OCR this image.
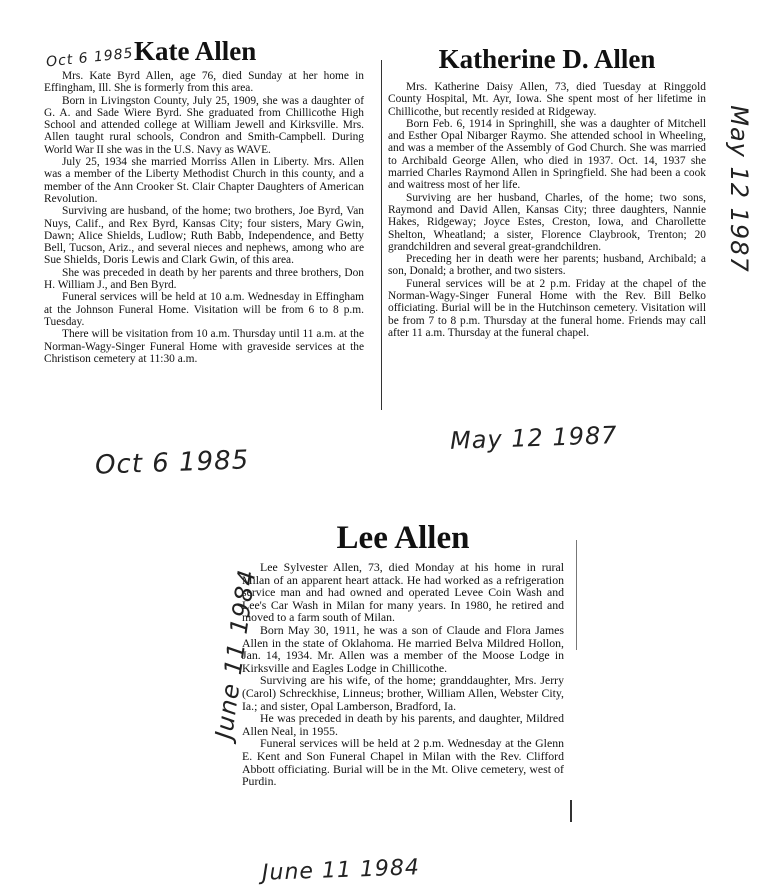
Oct 6 1985 Kate Allen

Mrs. Kate Byrd Allen, age 76, died Sunday at her home in Effingham, Ill. She is formerly from this area.

Born in Livingston County, July 25, 1909, she was a daughter of G. A. and Sade Wiere Byrd. She graduated from Chillicothe High School and attended college at William Jewell and Kirksville. Mrs. Allen taught rural schools, Condron and Smith-Campbell. During World War II she was in the U.S. Navy as WAVE.

July 25, 1934 she married Morriss Allen in Liberty. Mrs. Allen was a member of the Liberty Methodist Church in this county, and a member of the Ann Crooker St. Clair Chapter Daughters of American Revolution.

Surviving are husband, of the home; two brothers, Joe Byrd, Van Nuys, Calif., and Rex Byrd, Kansas City; four sisters, Mary Gwin, Dawn; Alice Shields, Ludlow; Ruth Babb, Independence, and Betty Bell, Tucson, Ariz., and several nieces and nephews, among who are Sue Shields, Doris Lewis and Clark Gwin, of this area.

She was preceded in death by her parents and three brothers, Don H. William J., and Ben Byrd.

Funeral services will be held at 10 a.m. Wednesday in Effingham at the Johnson Funeral Home. Visitation will be from 6 to 8 p.m. Tuesday.

There will be visitation from 10 a.m. Thursday until 11 a.m. at the Norman-Wagy-Singer Funeral Home with graveside services at the Christison cemetery at 11:30 a.m.

Katherine D. Allen

Mrs. Katherine Daisy Allen, 73, died Tuesday at Ringgold County Hospital, Mt. Ayr, Iowa. She spent most of her lifetime in Chillicothe, but recently resided at Ridgeway.

Born Feb. 6, 1914 in Springhill, she was a daughter of Mitchell and Esther Opal Nibarger Raymo. She attended school in Wheeling, and was a member of the Assembly of God Church. She was married to Archibald George Allen, who died in 1937. Oct. 14, 1937 she married Charles Raymond Allen in Springfield. She had been a cook and waitress most of her life.

Surviving are her husband, Charles, of the home; two sons, Raymond and David Allen, Kansas City; three daughters, Nannie Hakes, Ridgeway; Joyce Estes, Creston, Iowa, and Charollette Shelton, Wheatland; a sister, Florence Claybrook, Trenton; 20 grandchildren and several great-grandchildren.

Preceding her in death were her parents; husband, Archibald; a son, Donald; a brother, and two sisters.

Funeral services will be at 2 p.m. Friday at the chapel of the Norman-Wagy-Singer Funeral Home with the Rev. Bill Belko officiating. Burial will be in the Hutchinson cemetery. Visitation will be from 7 to 8 p.m. Thursday at the funeral home. Friends may call after 11 a.m. Thursday at the funeral chapel.

May 12 1987
Oct 6 1985
May 12 1987
Lee Allen

Lee Sylvester Allen, 73, died Monday at his home in rural Milan of an apparent heart attack. He had worked as a refrigeration service man and had owned and operated Levee Coin Wash and Lee's Car Wash in Milan for many years. In 1980, he retired and moved to a farm south of Milan.

Born May 30, 1911, he was a son of Claude and Flora James Allen in the state of Oklahoma. He married Belva Mildred Hollon, Jan. 14, 1934. Mr. Allen was a member of the Moose Lodge in Kirksville and Eagles Lodge in Chillicothe.

Surviving are his wife, of the home; granddaughter, Mrs. Jerry (Carol) Schreckhise, Linneus; brother, William Allen, Webster City, Ia.; and sister, Opal Lamberson, Bradford, Ia.

He was preceded in death by his parents, and daughter, Mildred Allen Neal, in 1955.

Funeral services will be held at 2 p.m. Wednesday at the Glenn E. Kent and Son Funeral Chapel in Milan with the Rev. Clifford Abbott officiating. Burial will be in the Mt. Olive cemetery, west of Purdin.

June 11 1984
June 11 1984
